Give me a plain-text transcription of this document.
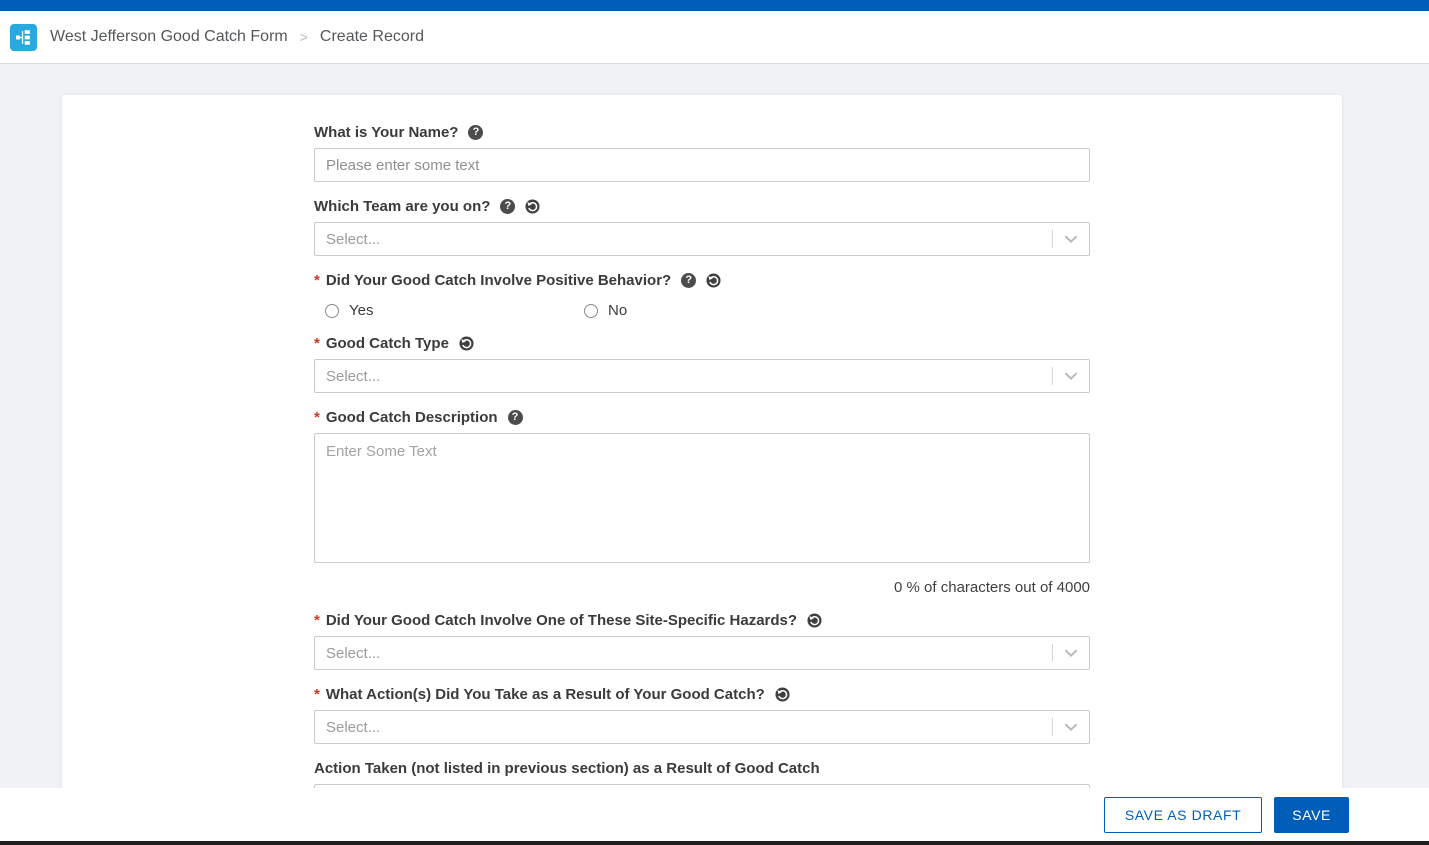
West Jefferson Good Catch Form > Create Record
What is Your Name?	?
Please enter some text
Which Team are you on?	?
Select...
* Did Your Good Catch Involve Positive Behavior?	?
Yes	No
* Good Catch Type
Select...
* Good Catch Description	?
Enter Some Text
0 % of characters out of 4000
* Did Your Good Catch Involve One of These Site-Specific Hazards?
Select...
* What Action(s) Did You Take as a Result of Your Good Catch?
Select...
Action Taken (not listed in previous section) as a Result of Good Catch
SAVE AS DRAFT	SAVE
